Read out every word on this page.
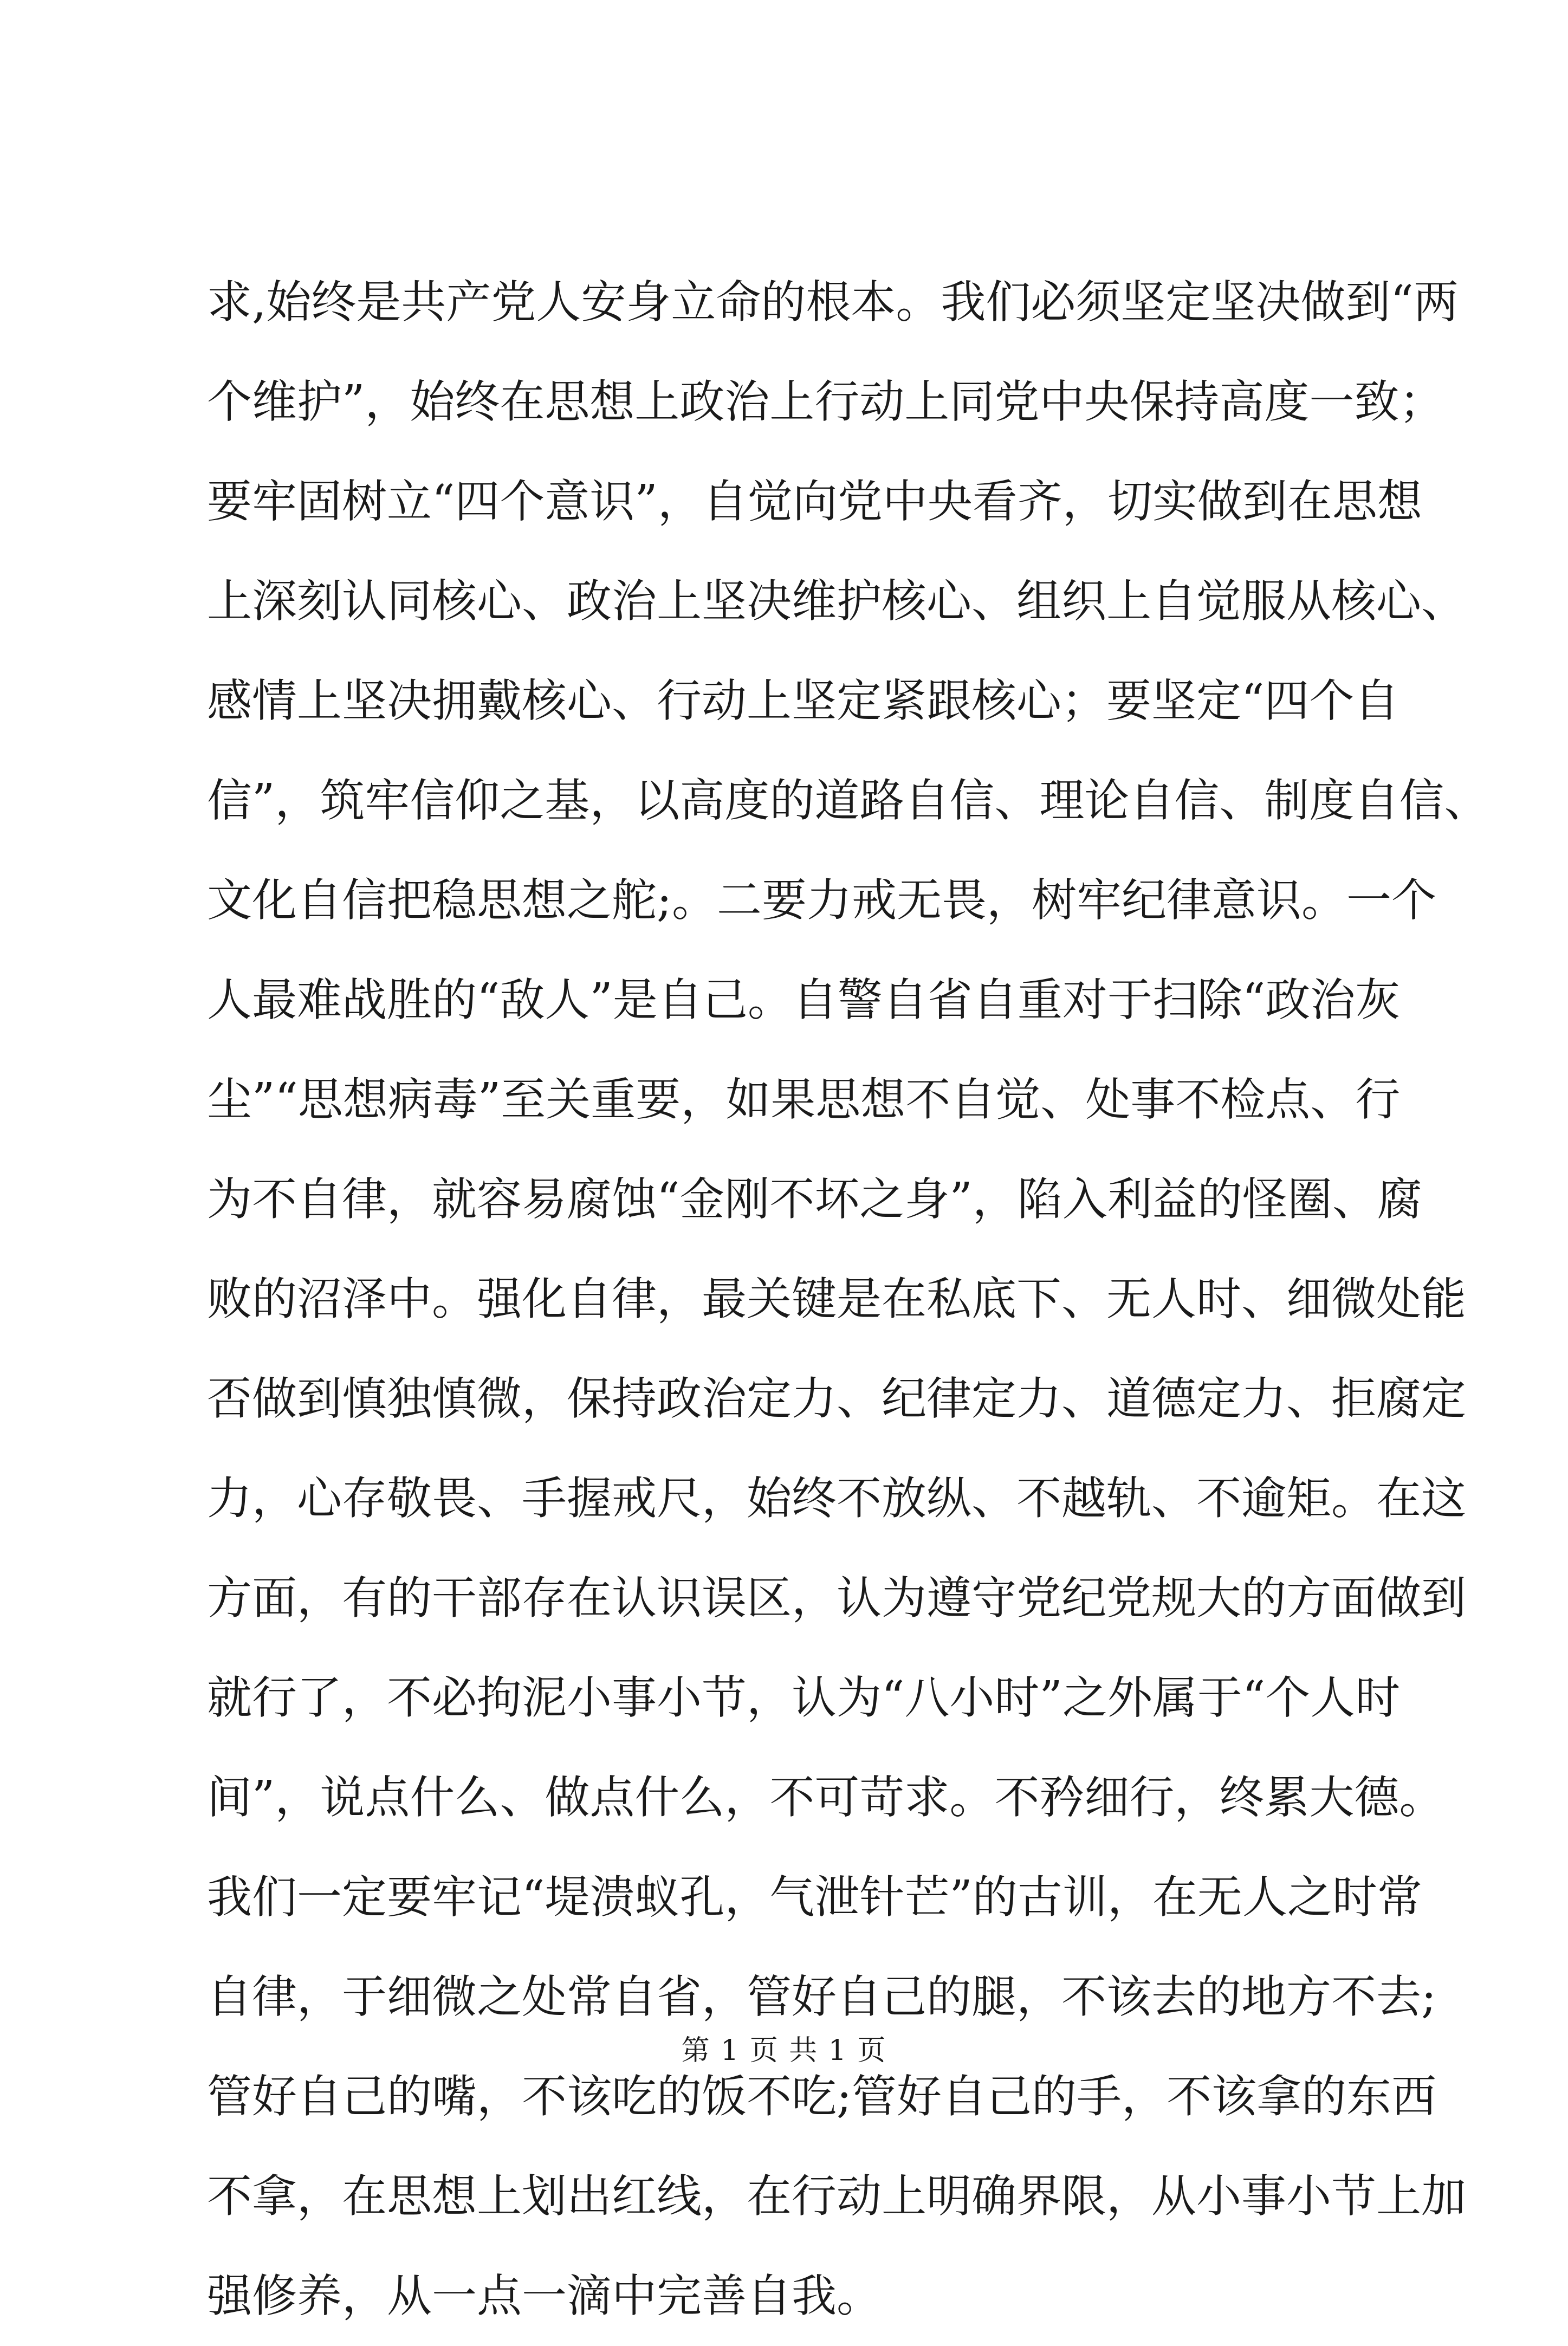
求,始终是共产党人安身立命的根本。我们必须坚定坚决做到“两
个维护”，始终在思想上政治上行动上同党中央保持高度一致；
要牢固树立“四个意识”，自觉向党中央看齐，切实做到在思想
上深刻认同核心、政治上坚决维护核心、组织上自觉服从核心、
感情上坚决拥戴核心、行动上坚定紧跟核心；要坚定“四个自
信”，筑牢信仰之基，以高度的道路自信、理论自信、制度自信、
文化自信把稳思想之舵;。二要力戒无畏，树牢纪律意识。一个
人最难战胜的“敌人”是自己。自警自省自重对于扫除“政治灰
尘”“思想病毒”至关重要，如果思想不自觉、处事不检点、行
为不自律，就容易腐蚀“金刚不坏之身”，陷入利益的怪圈、腐
败的沼泽中。强化自律，最关键是在私底下、无人时、细微处能
否做到慎独慎微，保持政治定力、纪律定力、道德定力、拒腐定
力，心存敬畏、手握戒尺，始终不放纵、不越轨、不逾矩。在这
方面，有的干部存在认识误区，认为遵守党纪党规大的方面做到
就行了，不必拘泥小事小节，认为“八小时”之外属于“个人时
间”，说点什么、做点什么，不可苛求。不矜细行，终累大德。
我们一定要牢记“堤溃蚁孔，气泄针芒”的古训，在无人之时常
自律，于细微之处常自省，管好自己的腿，不该去的地方不去;
管好自己的嘴，不该吃的饭不吃;管好自己的手，不该拿的东西
不拿，在思想上划出红线，在行动上明确界限，从小事小节上加
强修养，从一点一滴中完善自我。
第 1 页 共 1 页
